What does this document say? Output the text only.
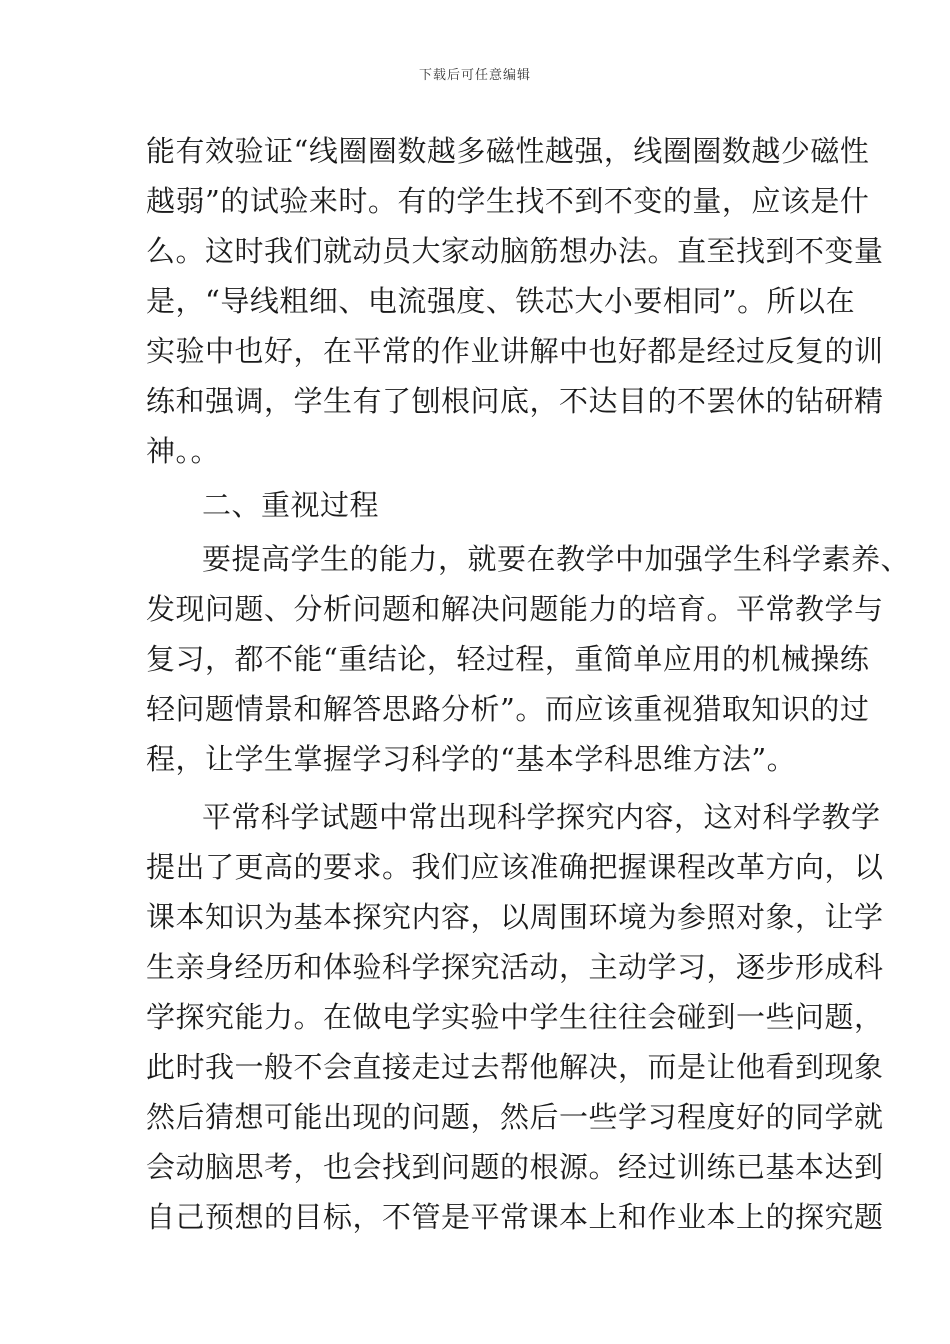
下载后可任意编辑
能有效验证“线圈圈数越多磁性越强，线圈圈数越少磁性
越弱”的试验来时。有的学生找不到不变的量，应该是什
么。这时我们就动员大家动脑筋想办法。直至找到不变量
是，“导线粗细、电流强度、铁芯大小要相同”。所以在
实验中也好，在平常的作业讲解中也好都是经过反复的训
练和强调，学生有了刨根问底，不达目的不罢休的钻研精
神。。
二、重视过程
要提高学生的能力，就要在教学中加强学生科学素养、
发现问题、分析问题和解决问题能力的培育。平常教学与
复习，都不能“重结论，轻过程，重简单应用的机械操练
轻问题情景和解答思路分析”。而应该重视猎取知识的过
程，让学生掌握学习科学的“基本学科思维方法”。
平常科学试题中常出现科学探究内容，这对科学教学
提出了更高的要求。我们应该准确把握课程改革方向，以
课本知识为基本探究内容，以周围环境为参照对象，让学
生亲身经历和体验科学探究活动，主动学习，逐步形成科
学探究能力。在做电学实验中学生往往会碰到一些问题，
此时我一般不会直接走过去帮他解决，而是让他看到现象
然后猜想可能出现的问题，然后一些学习程度好的同学就
会动脑思考，也会找到问题的根源。经过训练已基本达到
自己预想的目标，不管是平常课本上和作业本上的探究题
